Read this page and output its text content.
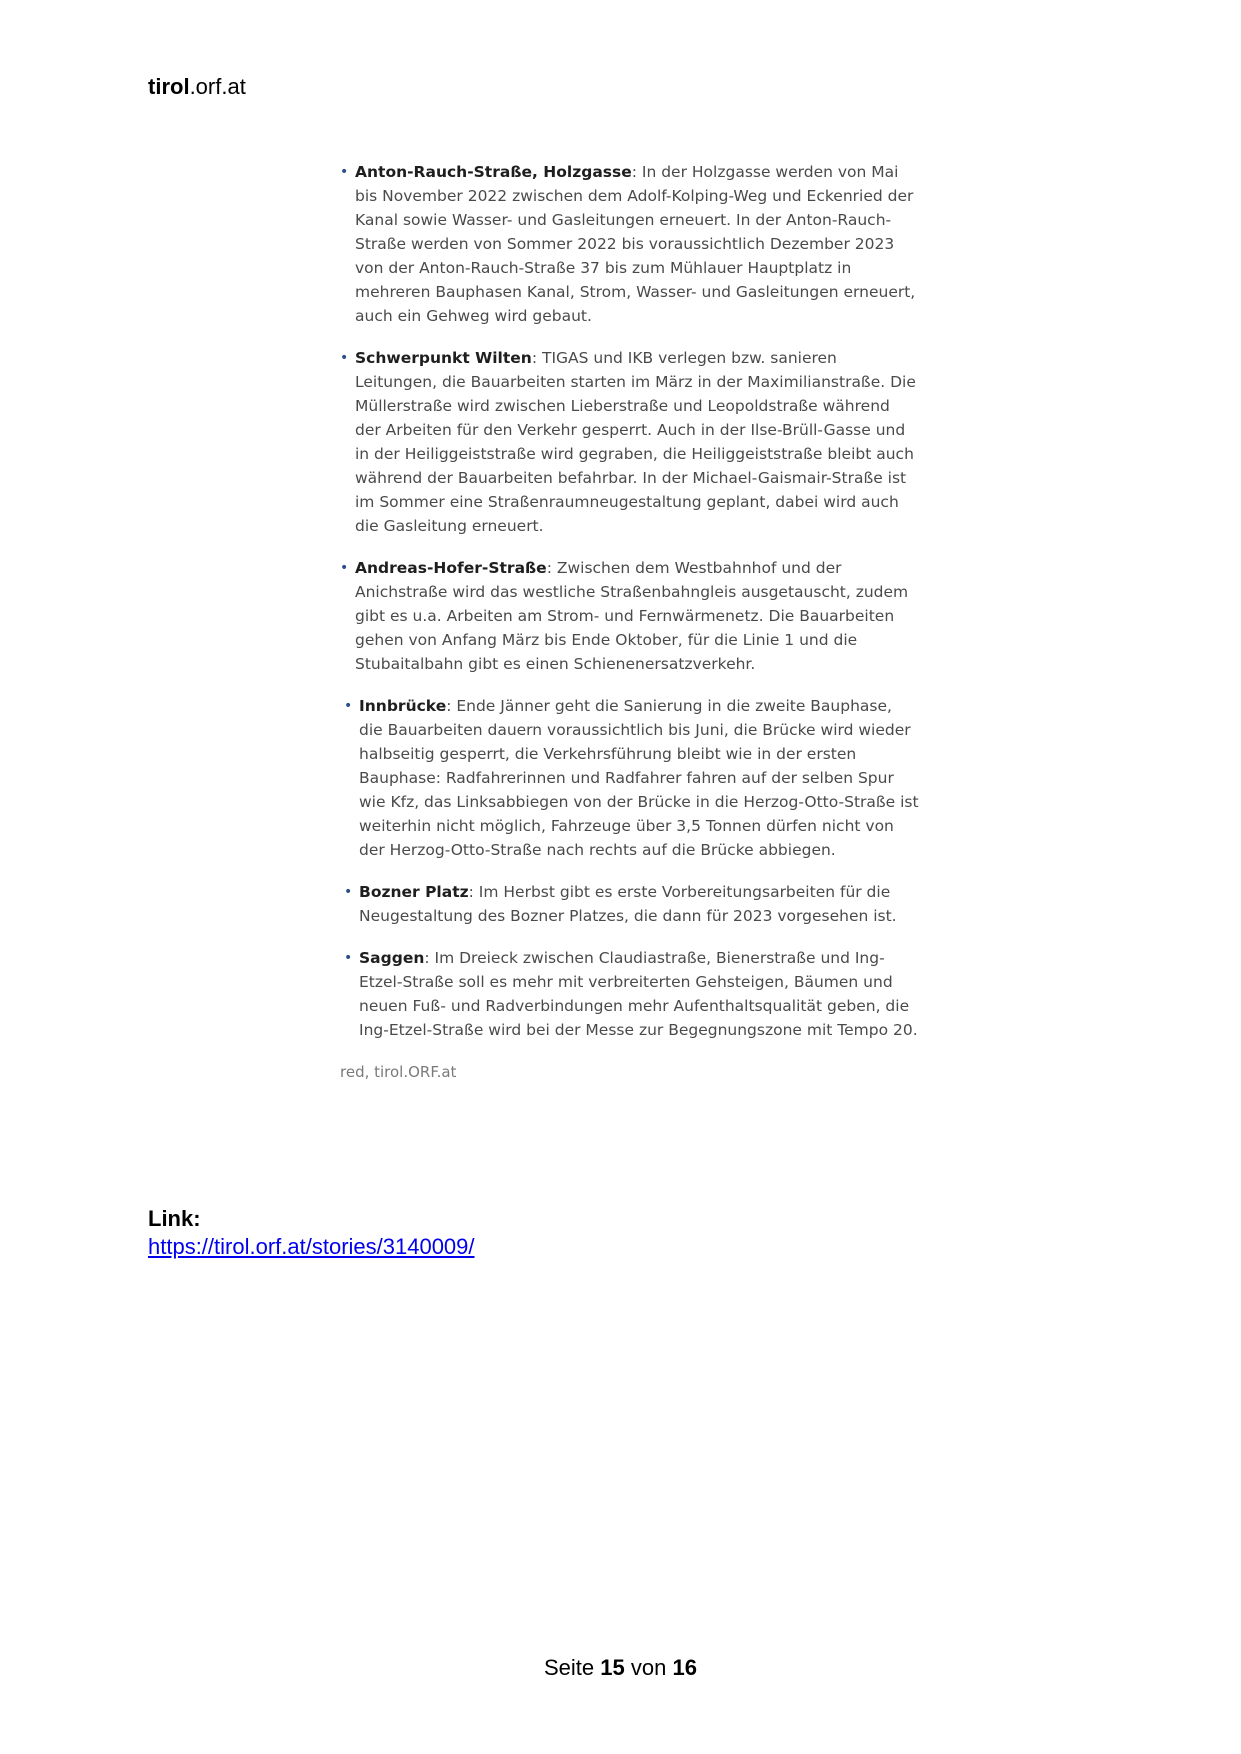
tirol.orf.at
• Anton-Rauch-Straße, Holzgasse: In der Holzgasse werden von Mai bis November 2022 zwischen dem Adolf-Kolping-Weg und Eckenried der Kanal sowie Wasser- und Gasleitungen erneuert. In der Anton-Rauch-Straße werden von Sommer 2022 bis voraussichtlich Dezember 2023 von der Anton-Rauch-Straße 37 bis zum Mühlauer Hauptplatz in mehreren Bauphasen Kanal, Strom, Wasser- und Gasleitungen erneuert, auch ein Gehweg wird gebaut.
• Schwerpunkt Wilten: TIGAS und IKB verlegen bzw. sanieren Leitungen, die Bauarbeiten starten im März in der Maximilianstraße. Die Müllerstraße wird zwischen Lieberstraße und Leopoldstraße während der Arbeiten für den Verkehr gesperrt. Auch in der Ilse-Brüll-Gasse und in der Heiliggeiststraße wird gegraben, die Heiliggeiststraße bleibt auch während der Bauarbeiten befahrbar. In der Michael-Gaismair-Straße ist im Sommer eine Straßenraumneugestaltung geplant, dabei wird auch die Gasleitung erneuert.
• Andreas-Hofer-Straße: Zwischen dem Westbahnhof und der Anichstraße wird das westliche Straßenbahngleis ausgetauscht, zudem gibt es u.a. Arbeiten am Strom- und Fernwärmenetz. Die Bauarbeiten gehen von Anfang März bis Ende Oktober, für die Linie 1 und die Stubaitalbahn gibt es einen Schienenersatzverkehr.
• Innbrücke: Ende Jänner geht die Sanierung in die zweite Bauphase, die Bauarbeiten dauern voraussichtlich bis Juni, die Brücke wird wieder halbseitig gesperrt, die Verkehrsführung bleibt wie in der ersten Bauphase: Radfahrerinnen und Radfahrer fahren auf der selben Spur wie Kfz, das Linksabbiegen von der Brücke in die Herzog-Otto-Straße ist weiterhin nicht möglich, Fahrzeuge über 3,5 Tonnen dürfen nicht von der Herzog-Otto-Straße nach rechts auf die Brücke abbiegen.
• Bozner Platz: Im Herbst gibt es erste Vorbereitungsarbeiten für die Neugestaltung des Bozner Platzes, die dann für 2023 vorgesehen ist.
• Saggen: Im Dreieck zwischen Claudiastraße, Bienerstraße und Ing-Etzel-Straße soll es mehr mit verbreiterten Gehsteigen, Bäumen und neuen Fuß- und Radverbindungen mehr Aufenthaltsqualität geben, die Ing-Etzel-Straße wird bei der Messe zur Begegnungszone mit Tempo 20.
red, tirol.ORF.at
Link:
https://tirol.orf.at/stories/3140009/
Seite 15 von 16
